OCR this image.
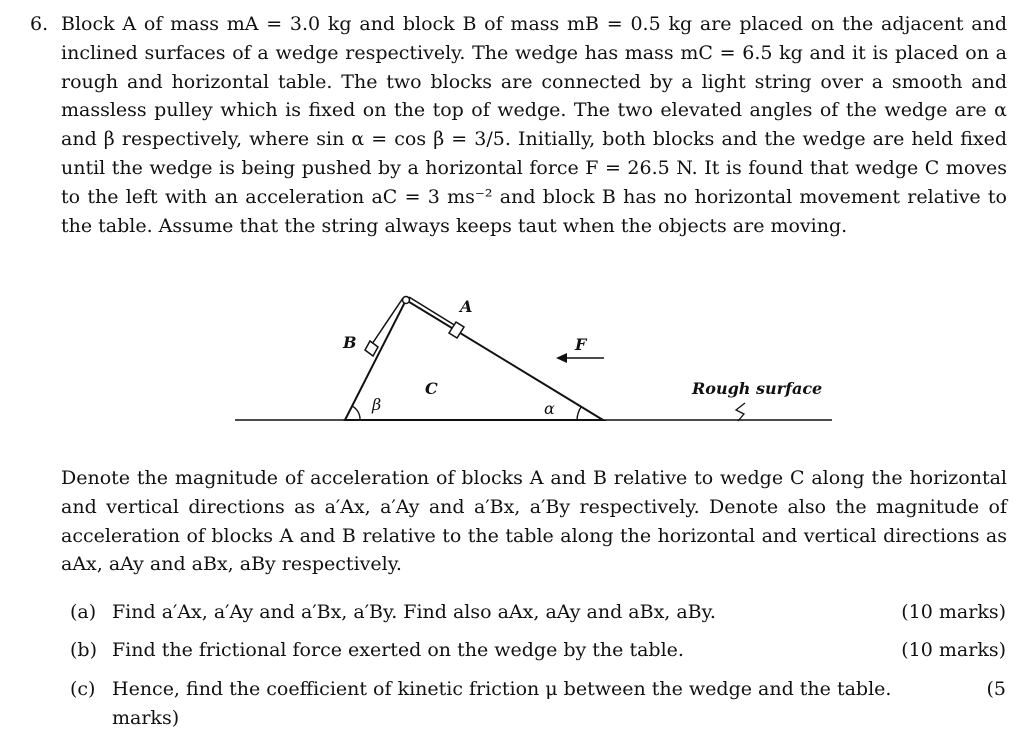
6. Block A of mass mA = 3.0 kg and block B of mass mB = 0.5 kg are placed on the adjacent and inclined surfaces of a wedge respectively. The wedge has mass mC = 6.5 kg and it is placed on a rough and horizontal table. The two blocks are connected by a light string over a smooth and massless pulley which is fixed on the top of wedge. The two elevated angles of the wedge are α and β respectively, where sin α = cos β = 3/5. Initially, both blocks and the wedge are held fixed until the wedge is being pushed by a horizontal force F = 26.5 N. It is found that wedge C moves to the left with an acceleration aC = 3 ms⁻² and block B has no horizontal movement relative to the table. Assume that the string always keeps taut when the objects are moving.
A
B
C
F
α
β
Rough surface
Denote the magnitude of acceleration of blocks A and B relative to wedge C along the horizontal and vertical directions as a′Ax, a′Ay and a′Bx, a′By respectively. Denote also the magnitude of acceleration of blocks A and B relative to the table along the horizontal and vertical directions as aAx, aAy and aBx, aBy respectively.
(a) Find a′Ax, a′Ay and a′Bx, a′By. Find also aAx, aAy and aBx, aBy.	(10 marks)
(b) Find the frictional force exerted on the wedge by the table.	(10 marks)
(c) Hence, find the coefficient of kinetic friction μ between the wedge and the table.	(5
marks)
